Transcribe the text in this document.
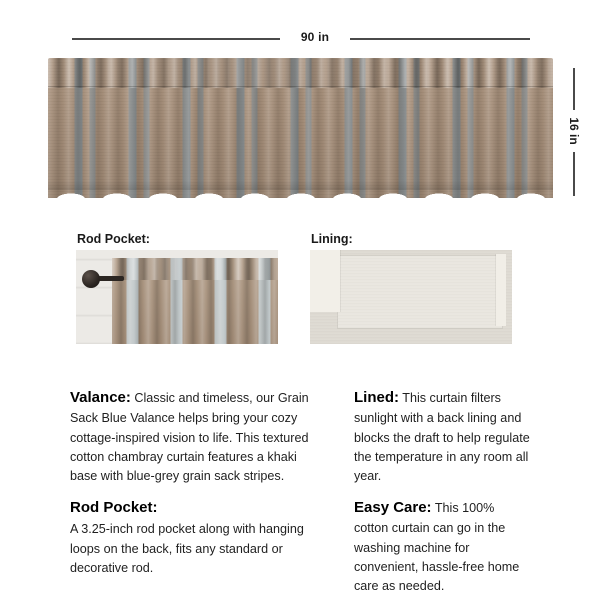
90 in
16 in
Rod Pocket:	Lining:

Valance: Classic and timeless, our Grain Sack Blue Valance helps bring your cozy cottage-inspired vision to life. This textured cotton chambray curtain features a khaki base with blue-grey grain sack stripes.

Rod Pocket:
A 3.25-inch rod pocket along with hanging loops on the back, fits any standard or decorative rod.

Lined: This curtain filters sunlight with a back lining and blocks the draft to help regulate the temperature in any room all year.

Easy Care: This 100% cotton curtain can go in the washing machine for convenient, hassle-free home care as needed.
